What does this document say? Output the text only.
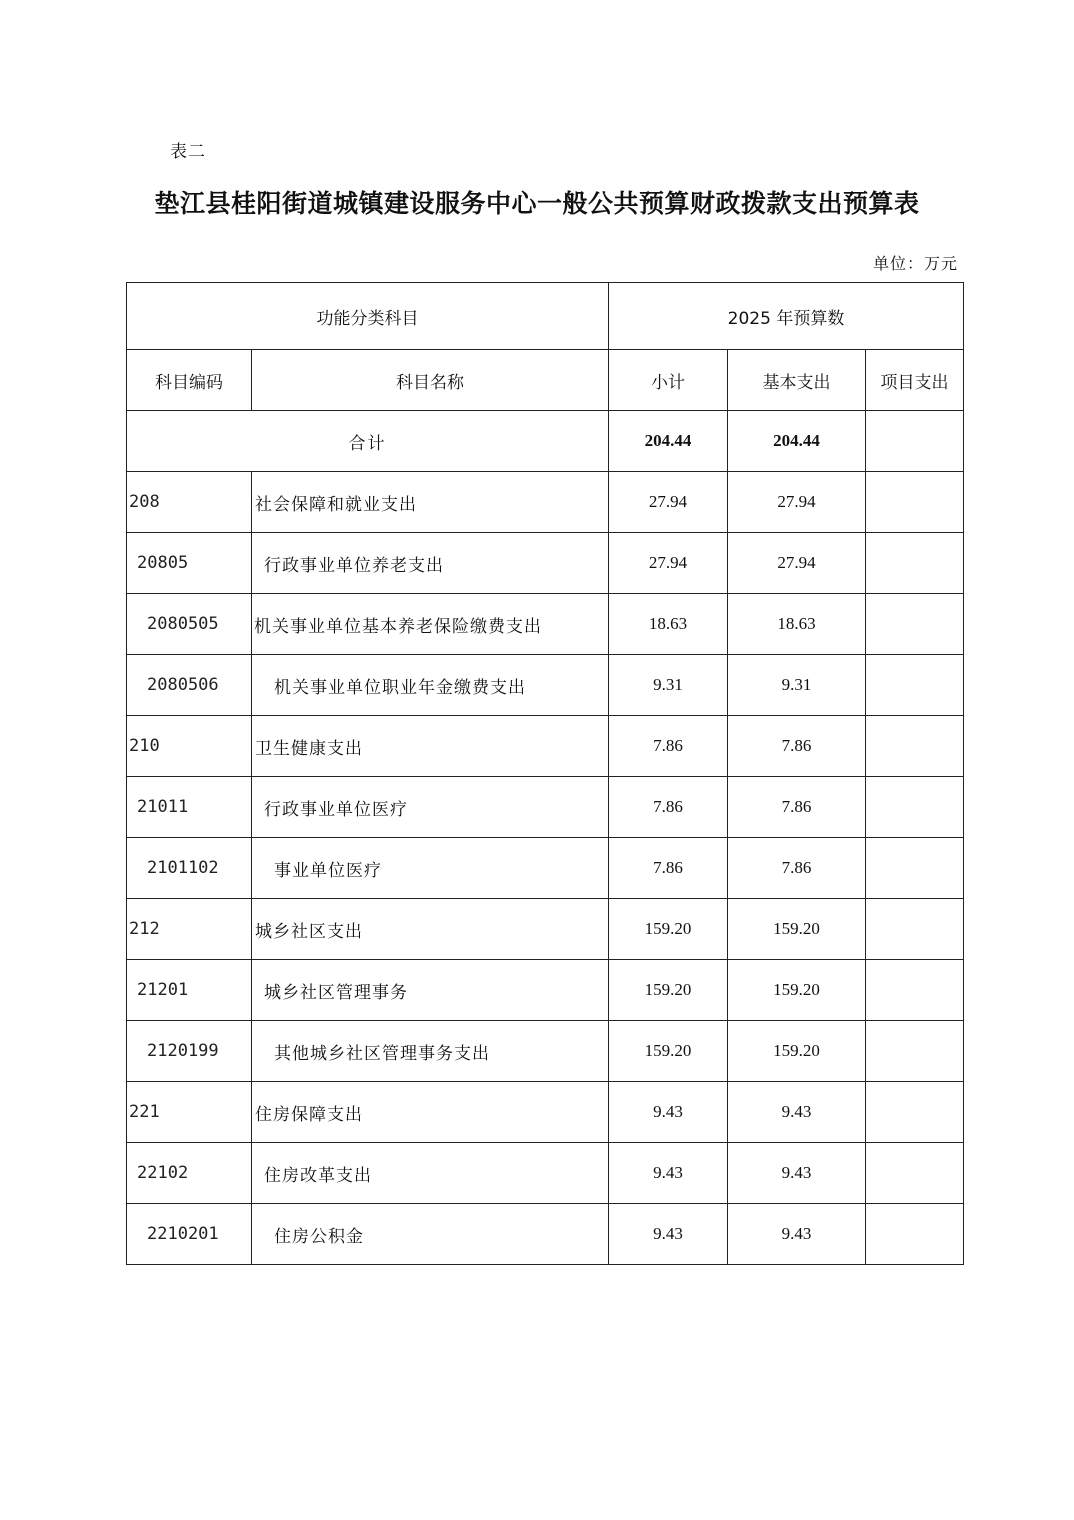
表二
垫江县桂阳街道城镇建设服务中心一般公共预算财政拨款支出预算表
单位：万元
功能分类科目		2025 年预算数		
科目编码	科目名称	小计	基本支出	项目支出
合计		204.44	204.44	
208	社会保障和就业支出	27.94	27.94	
20805	行政事业单位养老支出	27.94	27.94	
2080505	机关事业单位基本养老保险缴费支出	18.63	18.63	
2080506	机关事业单位职业年金缴费支出	9.31	9.31	
210	卫生健康支出	7.86	7.86	
21011	行政事业单位医疗	7.86	7.86	
2101102	事业单位医疗	7.86	7.86	
212	城乡社区支出	159.20	159.20	
21201	城乡社区管理事务	159.20	159.20	
2120199	其他城乡社区管理事务支出	159.20	159.20	
221	住房保障支出	9.43	9.43	
22102	住房改革支出	9.43	9.43	
2210201	住房公积金	9.43	9.43	
